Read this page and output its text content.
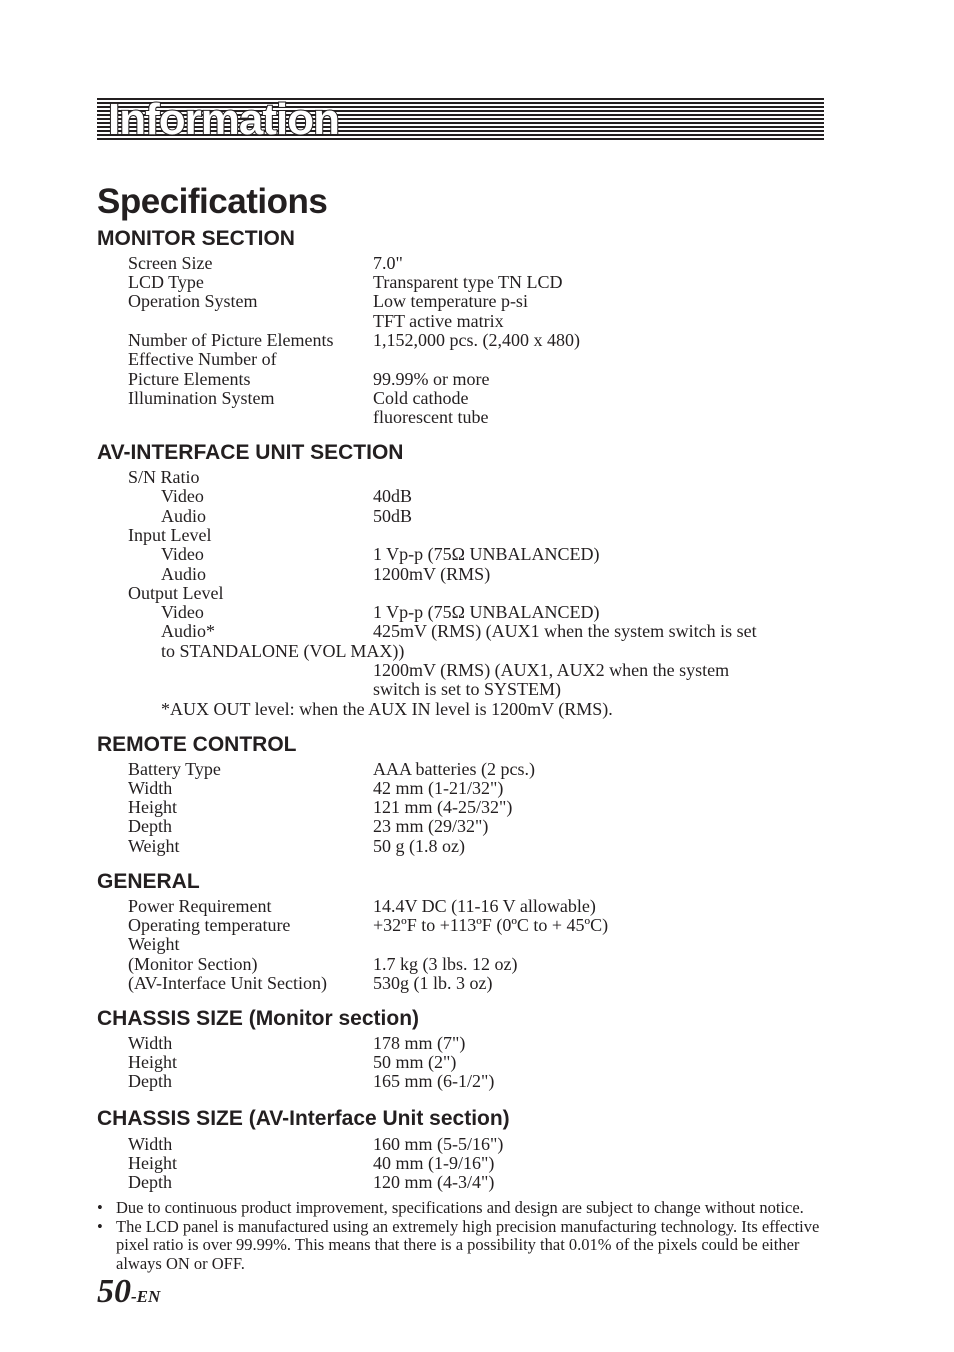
Information
Specifications
MONITOR SECTION
Screen Size	7.0"
LCD Type	Transparent type TN LCD
Operation System	Low temperature p-si
TFT active matrix
Number of Picture Elements 1,152,000 pcs. (2,400 x 480)
Effective Number of
Picture Elements	99.99% or more
Illumination System	Cold cathode
fluorescent tube
AV-INTERFACE UNIT SECTION
S/N Ratio
Video	40dB
Audio	50dB
Input Level
Video	1 Vp-p (75Ω UNBALANCED)
Audio	1200mV (RMS)
Output Level
Video	1 Vp-p (75Ω UNBALANCED)
Audio*	425mV (RMS) (AUX1 when the system switch is set
to STANDALONE (VOL MAX))
1200mV (RMS) (AUX1, AUX2 when the system
switch is set to SYSTEM)
*AUX OUT level: when the AUX IN level is 1200mV (RMS).
REMOTE CONTROL
Battery Type	AAA batteries (2 pcs.)
Width	42 mm (1-21/32")
Height	121 mm (4-25/32")
Depth	23 mm (29/32")
Weight	50 g (1.8 oz)
GENERAL
Power Requirement	14.4V DC (11-16 V allowable)
Operating temperature	+32ºF to +113ºF (0ºC to + 45ºC)
Weight
(Monitor Section)	1.7 kg (3 lbs. 12 oz)
(AV-Interface Unit Section)	530g (1 lb. 3 oz)
CHASSIS SIZE (Monitor section)
Width	178 mm (7")
Height	50 mm (2")
Depth	165 mm (6-1/2")
CHASSIS SIZE (AV-Interface Unit section)
Width	160 mm (5-5/16")
Height	40 mm (1-9/16")
Depth	120 mm (4-3/4")

• Due to continuous product improvement, specifications and design are subject to change without notice.

• The LCD panel is manufactured using an extremely high precision manufacturing technology. Its effective pixel ratio is over 99.99%. This means that there is a possibility that 0.01% of the pixels could be either always ON or OFF.

50-EN
